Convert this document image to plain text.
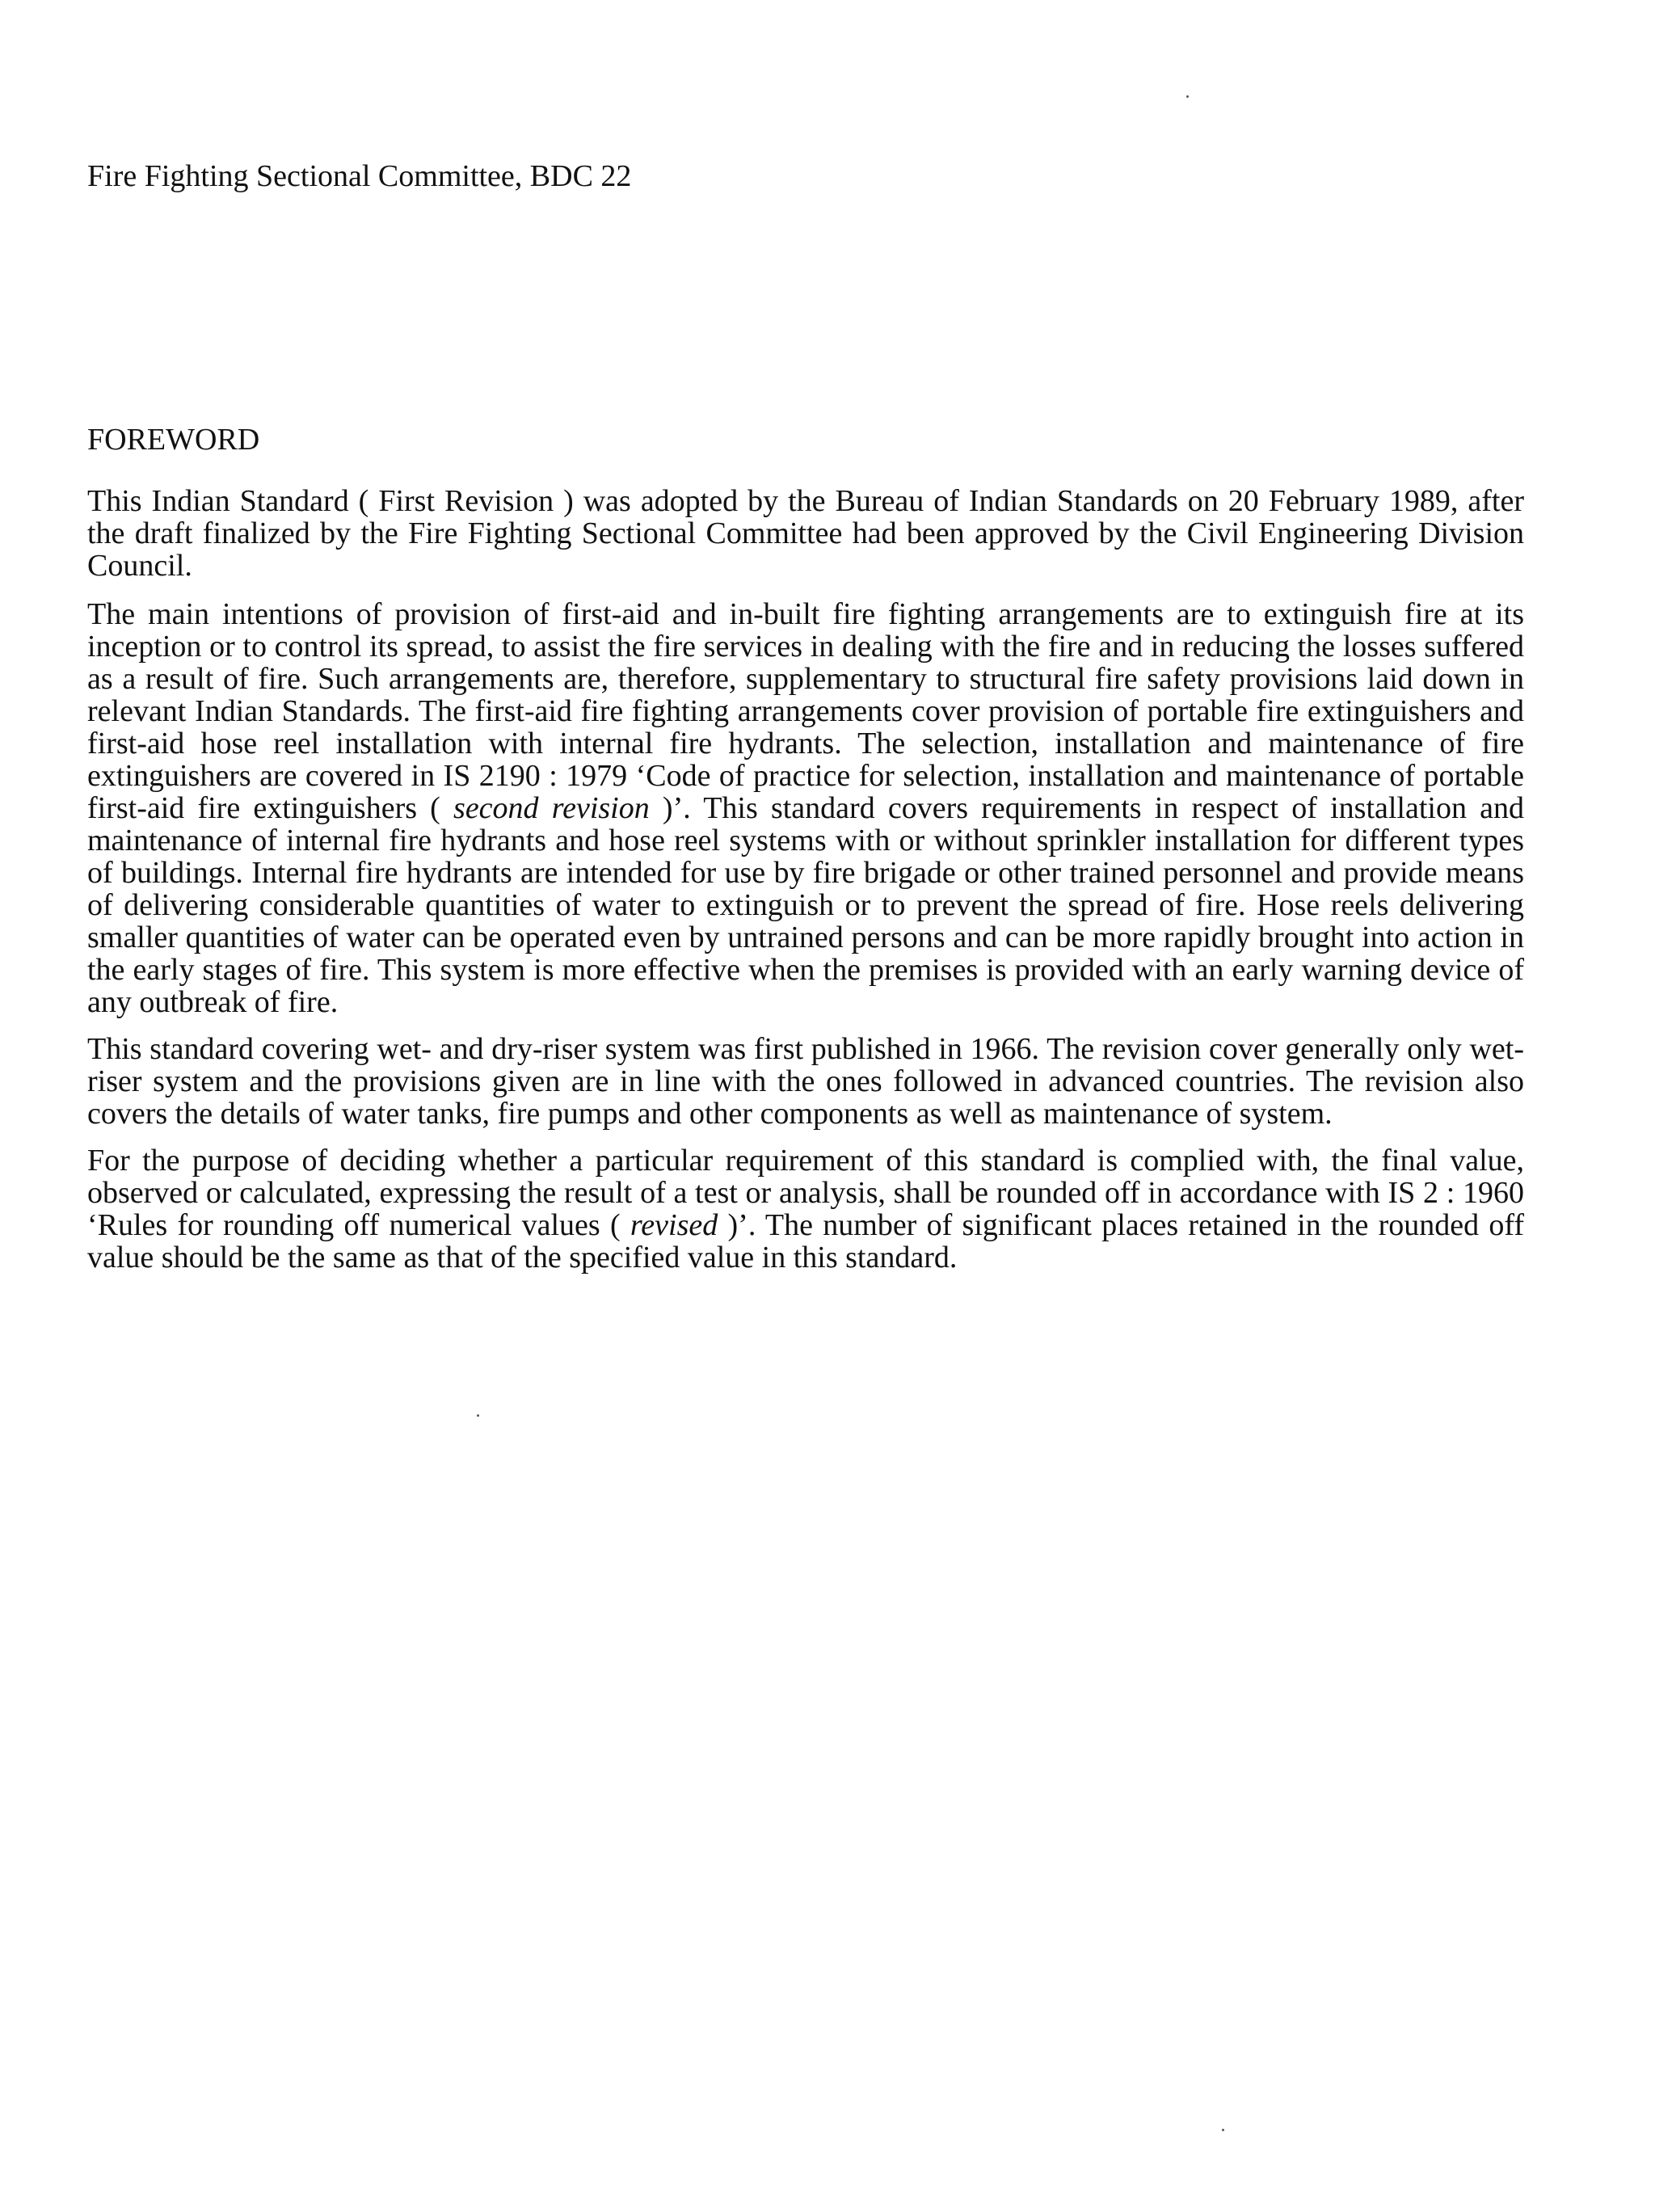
Fire Fighting Sectional Committee, BDC 22
FOREWORD

This Indian Standard ( First Revision ) was adopted by the Bureau of Indian Standards on 20 February 1989, after the draft finalized by the Fire Fighting Sectional Committee had been approved by the Civil Engineering Division Council.

The main intentions of provision of first-aid and in-built fire fighting arrangements are to extinguish fire at its inception or to control its spread, to assist the fire services in dealing with the fire and in reducing the losses suffered as a result of fire. Such arrangements are, therefore, supplementary to structural fire safety provisions laid down in relevant Indian Standards. The first-aid fire fighting arrangements cover provision of portable fire extinguishers and first-aid hose reel installation with internal fire hydrants. The selection, installation and maintenance of fire extinguishers are covered in IS 2190 : 1979 ‘Code of practice for selection, installation and maintenance of portable first-aid fire extinguishers ( second revision )’. This standard covers requirements in respect of installation and maintenance of internal fire hydrants and hose reel systems with or without sprinkler installation for different types of buildings. Internal fire hydrants are intended for use by fire brigade or other trained personnel and provide means of delivering considerable quantities of water to extinguish or to prevent the spread of fire. Hose reels delivering smaller quantities of water can be operated even by untrained persons and can be more rapidly brought into action in the early stages of fire. This system is more effective when the premises is provided with an early warning device of any outbreak of fire.

This standard covering wet- and dry-riser system was first published in 1966. The revision cover generally only wet-riser system and the provisions given are in line with the ones followed in advanced countries. The revision also covers the details of water tanks, fire pumps and other components as well as maintenance of system.

For the purpose of deciding whether a particular requirement of this standard is complied with, the final value, observed or calculated, expressing the result of a test or analysis, shall be rounded off in accordance with IS 2 : 1960 ‘Rules for rounding off numerical values ( revised )’. The number of significant places retained in the rounded off value should be the same as that of the specified value in this standard.
